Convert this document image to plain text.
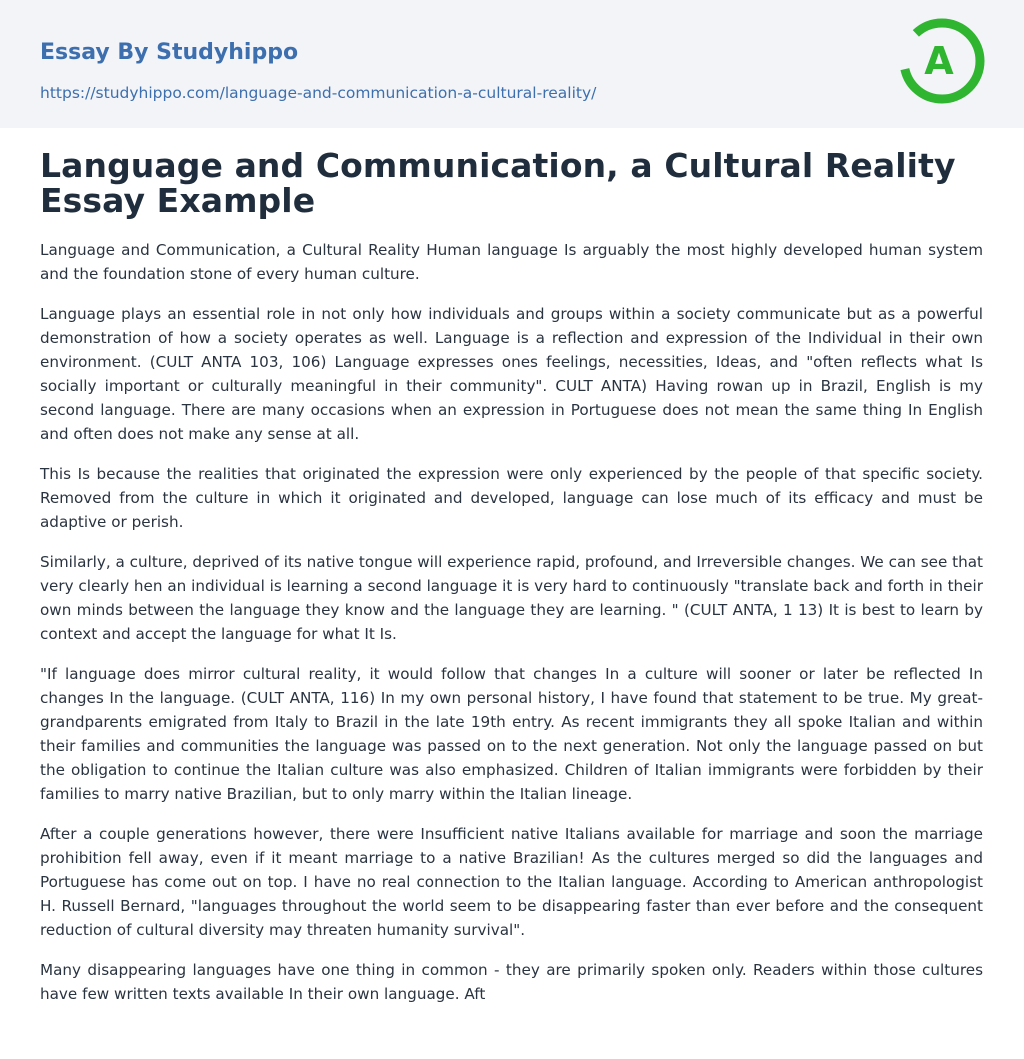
Essay By Studyhippo
https://studyhippo.com/language-and-communication-a-cultural-reality/
A
Language and Communication, a Cultural Reality Essay Example

Language and Communication, a Cultural Reality Human language Is arguably the most highly developed human system and the foundation stone of every human culture.

Language plays an essential role in not only how individuals and groups within a society communicate but as a powerful demonstration of how a society operates as well. Language is a reflection and expression of the Individual in their own environment. (CULT ANTA 103, 106) Language expresses ones feelings, necessities, Ideas, and "often reflects what Is socially important or culturally meaningful in their community". CULT ANTA) Having rowan up in Brazil, English is my second language. There are many occasions when an expression in Portuguese does not mean the same thing In English and often does not make any sense at all.

This Is because the realities that originated the expression were only experienced by the people of that specific society. Removed from the culture in which it originated and developed, language can lose much of its efficacy and must be adaptive or perish.

Similarly, a culture, deprived of its native tongue will experience rapid, profound, and Irreversible changes. We can see that very clearly hen an individual is learning a second language it is very hard to continuously "translate back and forth in their own minds between the language they know and the language they are learning. " (CULT ANTA, 1 13) It is best to learn by context and accept the language for what It Is.

"If language does mirror cultural reality, it would follow that changes In a culture will sooner or later be reflected In changes In the language. (CULT ANTA, 116) In my own personal history, I have found that statement to be true. My great-grandparents emigrated from Italy to Brazil in the late 19th entry. As recent immigrants they all spoke Italian and within their families and communities the language was passed on to the next generation. Not only the language passed on but the obligation to continue the Italian culture was also emphasized. Children of Italian immigrants were forbidden by their families to marry native Brazilian, but to only marry within the Italian lineage.

After a couple generations however, there were Insufficient native Italians available for marriage and soon the marriage prohibition fell away, even if it meant marriage to a native Brazilian! As the cultures merged so did the languages and Portuguese has come out on top. I have no real connection to the Italian language. According to American anthropologist H. Russell Bernard, "languages throughout the world seem to be disappearing faster than ever before and the consequent reduction of cultural diversity may threaten humanity survival".

Many disappearing languages have one thing in common - they are primarily spoken only. Readers within those cultures have few written texts available In their own language. Aft
